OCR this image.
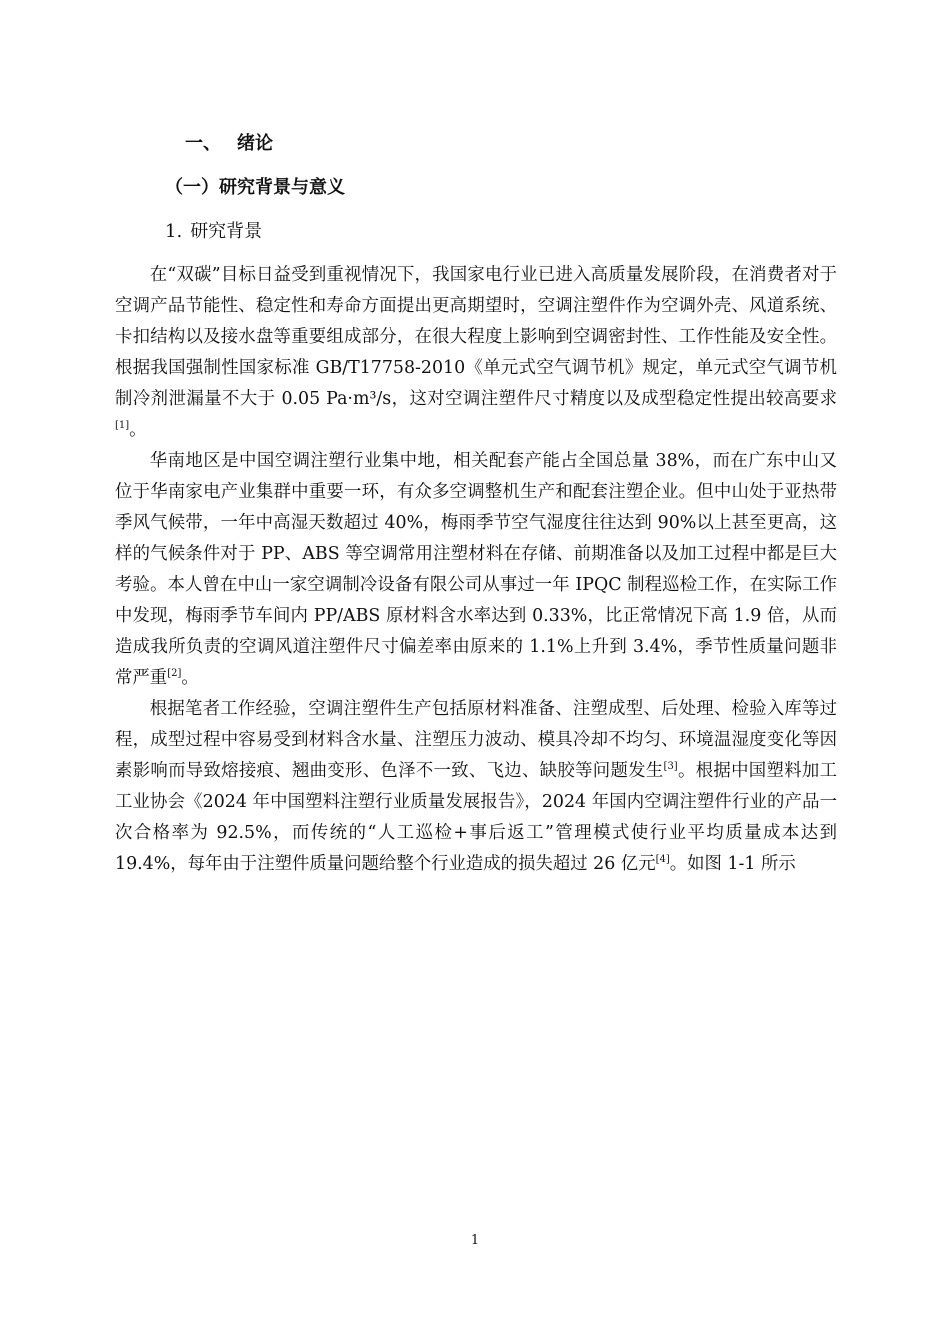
一、 绪论
（一）研究背景与意义
1. 研究背景

在“双碳”目标日益受到重视情况下，我国家电行业已进入高质量发展阶段，在消费者对于空调产品节能性、稳定性和寿命方面提出更高期望时，空调注塑件作为空调外壳、风道系统、卡扣结构以及接水盘等重要组成部分，在很大程度上影响到空调密封性、工作性能及安全性。根据我国强制性国家标准 GB/T17758-2010《单元式空气调节机》规定，单元式空气调节机制冷剂泄漏量不大于 0.05 Pa·m³/s，这对空调注塑件尺寸精度以及成型稳定性提出较高要求[1]。

华南地区是中国空调注塑行业集中地，相关配套产能占全国总量 38%，而在广东中山又位于华南家电产业集群中重要一环，有众多空调整机生产和配套注塑企业。但中山处于亚热带季风气候带，一年中高湿天数超过 40%，梅雨季节空气湿度往往达到 90%以上甚至更高，这样的气候条件对于 PP、ABS 等空调常用注塑材料在存储、前期准备以及加工过程中都是巨大考验。本人曾在中山一家空调制冷设备有限公司从事过一年 IPQC 制程巡检工作，在实际工作中发现，梅雨季节车间内 PP/ABS 原材料含水率达到 0.33%，比正常情况下高 1.9 倍，从而造成我所负责的空调风道注塑件尺寸偏差率由原来的 1.1%上升到 3.4%，季节性质量问题非常严重[2]。

根据笔者工作经验，空调注塑件生产包括原材料准备、注塑成型、后处理、检验入库等过程，成型过程中容易受到材料含水量、注塑压力波动、模具冷却不均匀、环境温湿度变化等因素影响而导致熔接痕、翘曲变形、色泽不一致、飞边、缺胶等问题发生[3]。根据中国塑料加工工业协会《2024 年中国塑料注塑行业质量发展报告》，2024 年国内空调注塑件行业的产品一次合格率为 92.5%，而传统的“人工巡检+事后返工”管理模式使行业平均质量成本达到 19.4%，每年由于注塑件质量问题给整个行业造成的损失超过 26 亿元[4]。如图 1-1 所示

1
